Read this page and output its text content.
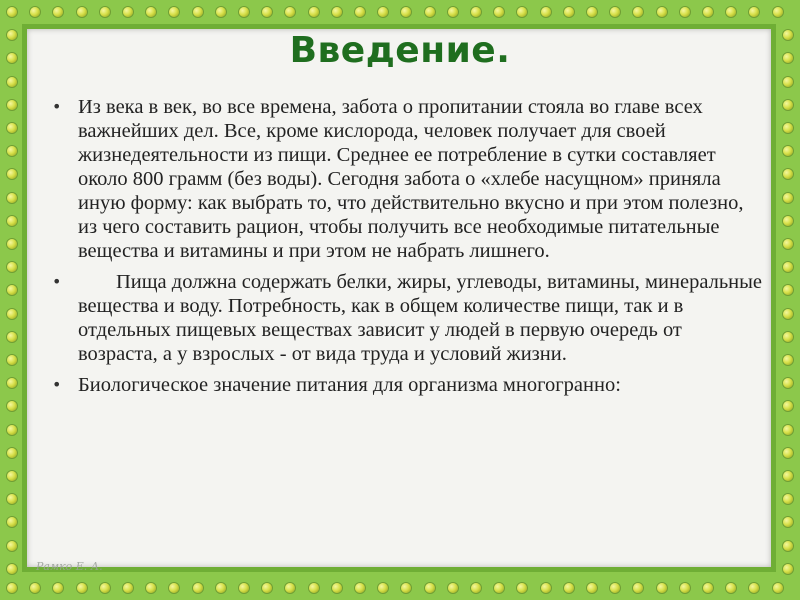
Введение.
• Из века в век, во все времена, забота о пропитании стояла во главе всех важнейших дел. Все, кроме кислорода, человек получает для своей жизнедеятельности из пищи. Среднее ее потребление в сутки составляет около 800 грамм (без воды). Сегодня забота о «хлебе насущном» приняла иную форму: как выбрать то, что действительно вкусно и при этом полезно, из чего составить рацион, чтобы получить все необходимые питательные вещества и витамины и при этом не набрать лишнего.
•	Пища должна содержать белки, жиры, углеводы, витамины, минеральные вещества и воду. Потребность, как в общем количестве пищи, так и в отдельных пищевых веществах зависит у людей в первую очередь от возраста, а у взрослых - от вида труда и условий жизни.
• Биологическое значение питания для организма многогранно:
Рамко Е. А.
